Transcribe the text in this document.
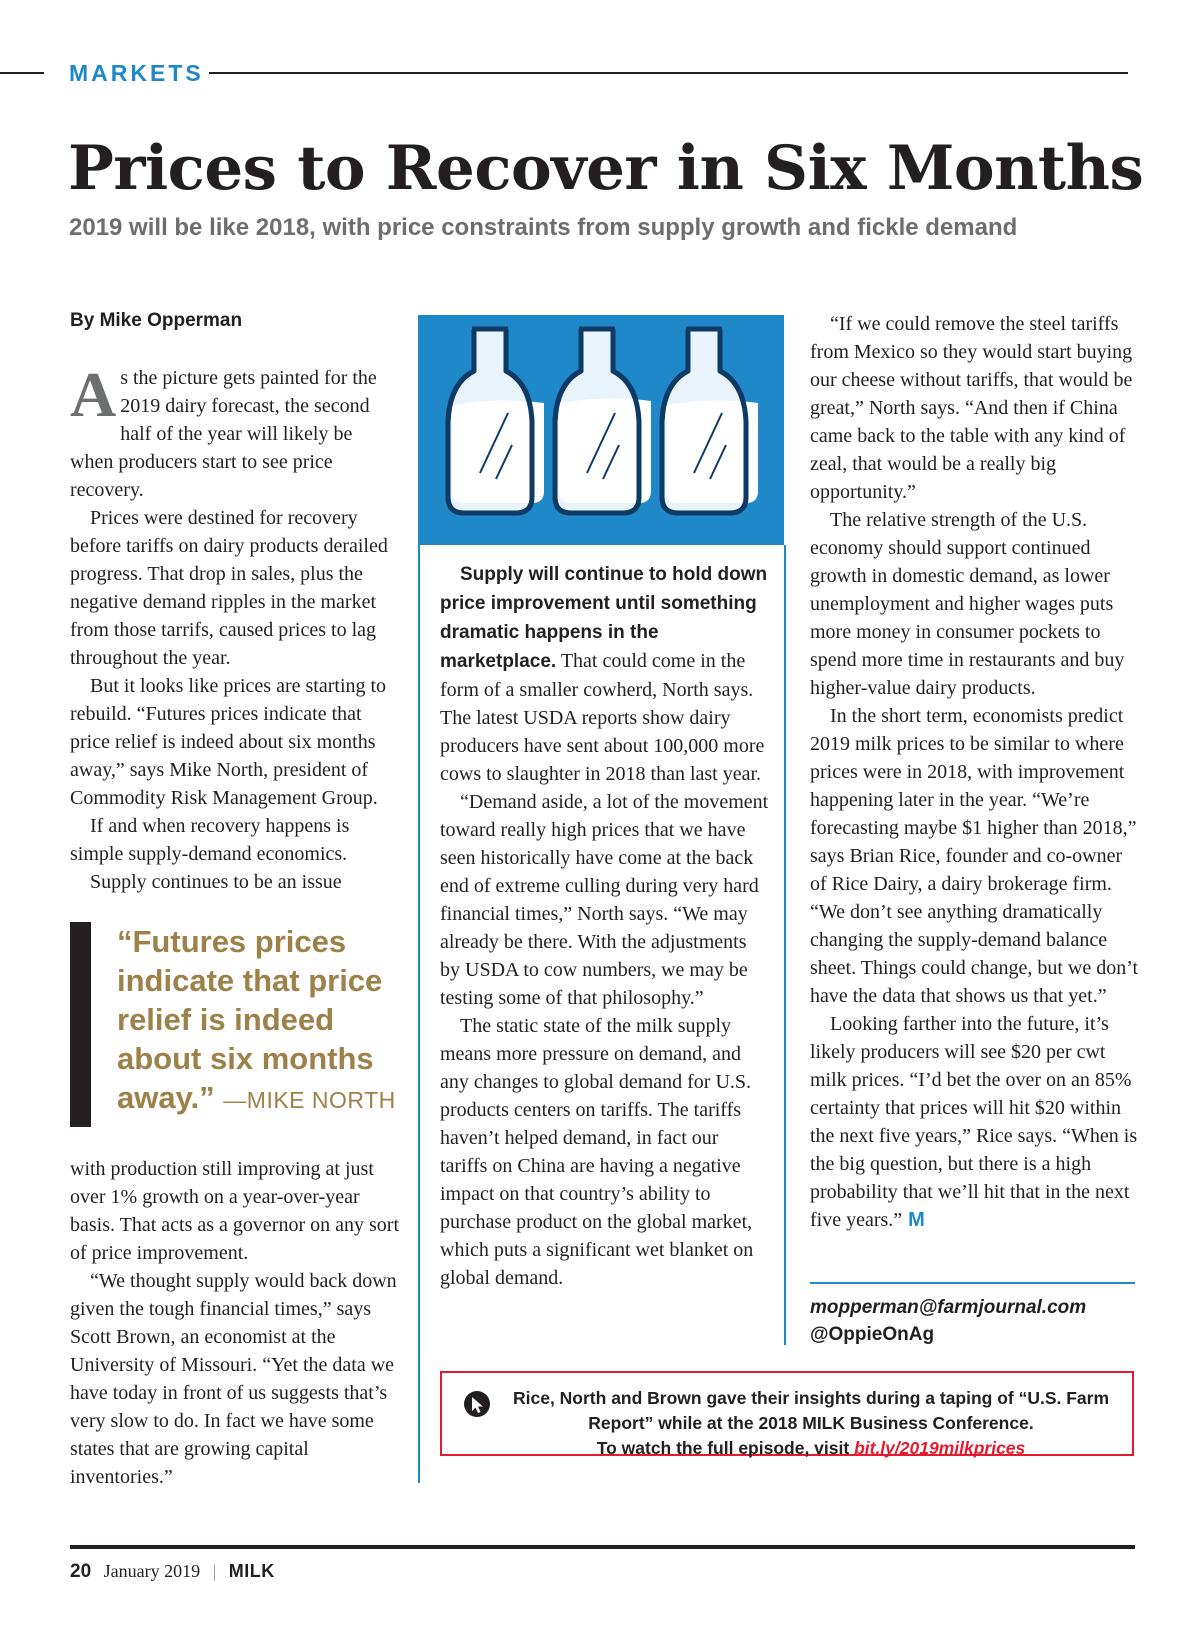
MARKETS
Prices to Recover in Six Months
2019 will be like 2018, with price constraints from supply growth and fickle demand
By Mike Opperman

As the picture gets painted for the 2019 dairy forecast, the second half of the year will likely be when producers start to see price recovery.

Prices were destined for recovery before tariffs on dairy products derailed progress. That drop in sales, plus the negative demand ripples in the market from those tarrifs, caused prices to lag throughout the year.

But it looks like prices are starting to rebuild. “Futures prices indicate that price relief is indeed about six months away,” says Mike North, president of Commodity Risk Management Group.

If and when recovery happens is simple supply-demand economics.

Supply continues to be an issue

“Futures prices indicate that price relief is indeed about six months away.” —MIKE NORTH

with production still improving at just over 1% growth on a year-over-year basis. That acts as a governor on any sort of price improvement.

“We thought supply would back down given the tough financial times,” says Scott Brown, an economist at the University of Missouri. “Yet the data we have today in front of us suggests that’s very slow to do. In fact we have some states that are growing capital inventories.”

Supply will continue to hold down price improvement until something dramatic happens in the marketplace. That could come in the form of a smaller cowherd, North says. The latest USDA reports show dairy producers have sent about 100,000 more cows to slaughter in 2018 than last year.

“Demand aside, a lot of the movement toward really high prices that we have seen historically have come at the back end of extreme culling during very hard financial times,” North says. “We may already be there. With the adjustments by USDA to cow numbers, we may be testing some of that philosophy.”

The static state of the milk supply means more pressure on demand, and any changes to global demand for U.S. products centers on tariffs. The tariffs haven’t helped demand, in fact our tariffs on China are having a negative impact on that country’s ability to purchase product on the global market, which puts a significant wet blanket on global demand.

“If we could remove the steel tariffs from Mexico so they would start buying our cheese without tariffs, that would be great,” North says. “And then if China came back to the table with any kind of zeal, that would be a really big opportunity.”

The relative strength of the U.S. economy should support continued growth in domestic demand, as lower unemployment and higher wages puts more money in consumer pockets to spend more time in restaurants and buy higher-value dairy products.

In the short term, economists predict 2019 milk prices to be similar to where prices were in 2018, with improvement happening later in the year. “We’re forecasting maybe $1 higher than 2018,” says Brian Rice, founder and co-owner of Rice Dairy, a dairy brokerage firm. “We don’t see anything dramatically changing the supply-demand balance sheet. Things could change, but we don’t have the data that shows us that yet.”

Looking farther into the future, it’s likely producers will see $20 per cwt milk prices. “I’d bet the over on an 85% certainty that prices will hit $20 within the next five years,” Rice says. “When is the big question, but there is a high probability that we’ll hit that in the next five years.” M

mopperman@farmjournal.com
@OppieOnAg
Rice, North and Brown gave their insights during a taping of “U.S. Farm Report” while at the 2018 MILK Business Conference.
To watch the full episode, visit bit.ly/2019milkprices
20 January 2019 | MILK
